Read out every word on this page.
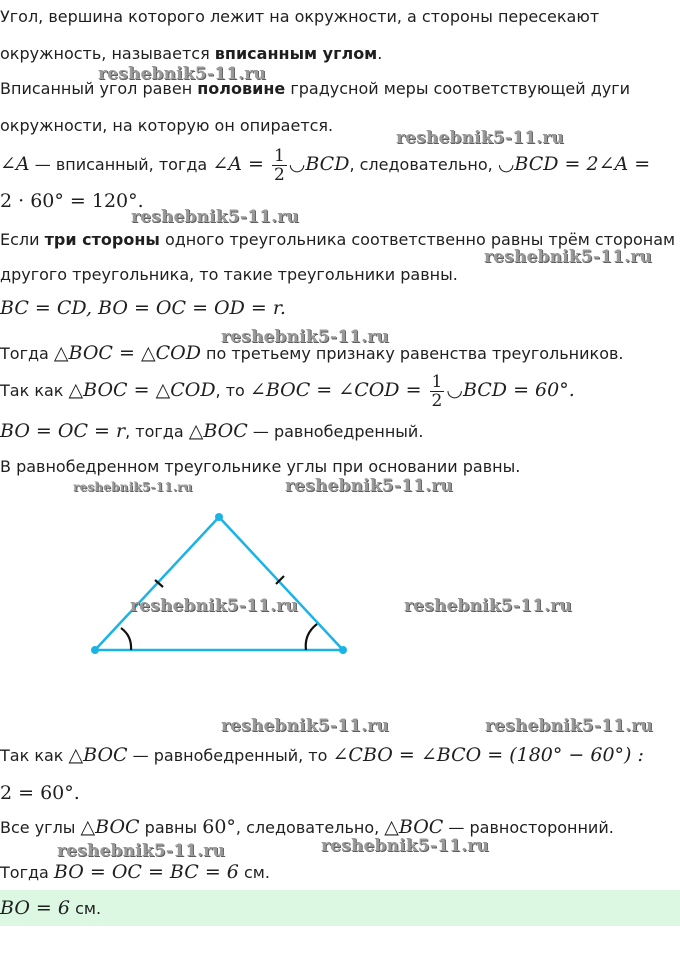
Угол, вершина которого лежит на окружности, а стороны пересекают
окружность, называется вписанным углом.
Вписанный угол равен половине градусной меры соответствующей дуги
окружности, на которую он опирается.
∠A — вписанный, тогда ∠A = $\frac{1}{2}$ ◡BCD, следовательно, ◡BCD = 2∠A =
2 · 60° = 120°.
Если три стороны одного треугольника соответственно равны трём сторонам
другого треугольника, то такие треугольники равны.
BC = CD, BO = OC = OD = r.
Тогда △BOC = △COD по третьему признаку равенства треугольников.
Так как △BOC = △COD, то ∠BOC = ∠COD = $\frac{1}{2}$ ◡BCD = 60°.
BO = OC = r, тогда △BOC — равнобедренный.
В равнобедренном треугольнике углы при основании равны.
Так как △BOC — равнобедренный, то ∠CBO = ∠BCO = (180° − 60°) :
2 = 60°.
Все углы △BOC равны 60°, следовательно, △BOC — равносторонний.
Тогда BO = OC = BC = 6 см.
BO = 6 см.
reshebnik5-11.ru
reshebnik5-11.ru
reshebnik5-11.ru
reshebnik5-11.ru
reshebnik5-11.ru
reshebnik5-11.ru	reshebnik5-11.ru
reshebnik5-11.ru	reshebnik5-11.ru
reshebnik5-11.ru	reshebnik5-11.ru
reshebnik5-11.ru	reshebnik5-11.ru
